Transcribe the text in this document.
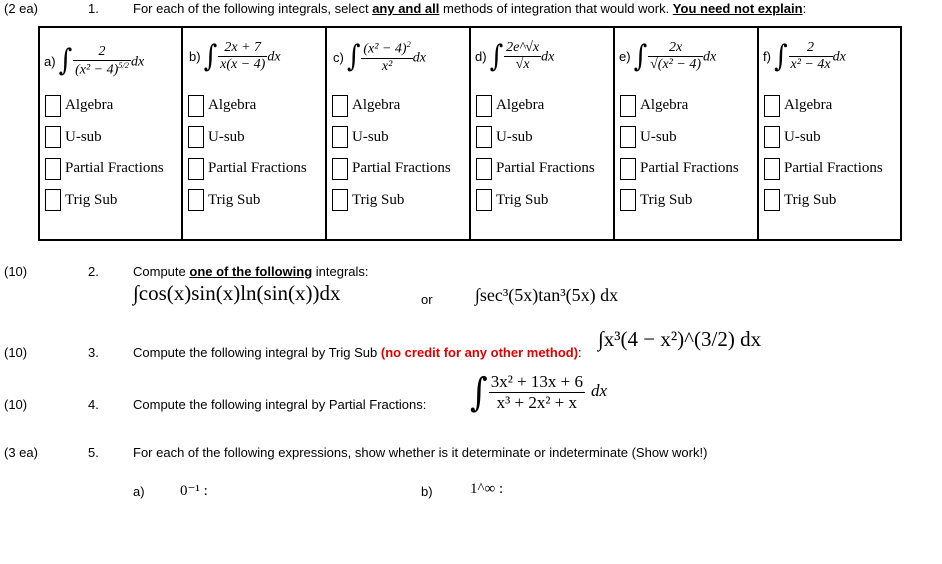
(2 ea)	1.	For each of the following integrals, select any and all methods of integration that would work. You need not explain:
a) ∫ $\frac{2}{(x^2 - 4)^{5/2}}$ dx
Algebra
U-sub
Partial Fractions
Trig Sub
b) ∫ $\frac{2x + 7}{x(x - 4)}$ dx
Algebra
U-sub
Partial Fractions
Trig Sub
c) ∫ $\frac{(x^2 - 4)^2}{\text{x²}}$ dx
Algebra
U-sub
Partial Fractions
Trig Sub
d) ∫ $\frac{2e\^{}√x}{√x}$ dx
Algebra
U-sub
Partial Fractions
Trig Sub
e) ∫ $\frac{2x}{\text{√(x² − 4)}}$ dx
Algebra
U-sub
Partial Fractions
Trig Sub
f) ∫ $\frac{2}{\text{x² − 4x}}$ dx
Algebra
U-sub
Partial Fractions
Trig Sub
(10)	2.	Compute one of the following integrals:
∫cos(x)sin(x)ln(sin(x))dx	or ∫sec³(5x)tan³(5x) dx
(10)	3.	Compute the following integral by Trig Sub (no credit for any other method):
∫x³(4 − x²)^(3/2) dx
(10)	4.	Compute the following integral by Partial Fractions: ∫ $\frac{\text{3x² + 13x + 6}}{\text{x³ + 2x² + x}}$ dx
(3 ea)	5.	For each of the following expressions, show whether is it determinate or indeterminate (Show work!)
a) 0⁻¹ :	b) 1^∞ :
